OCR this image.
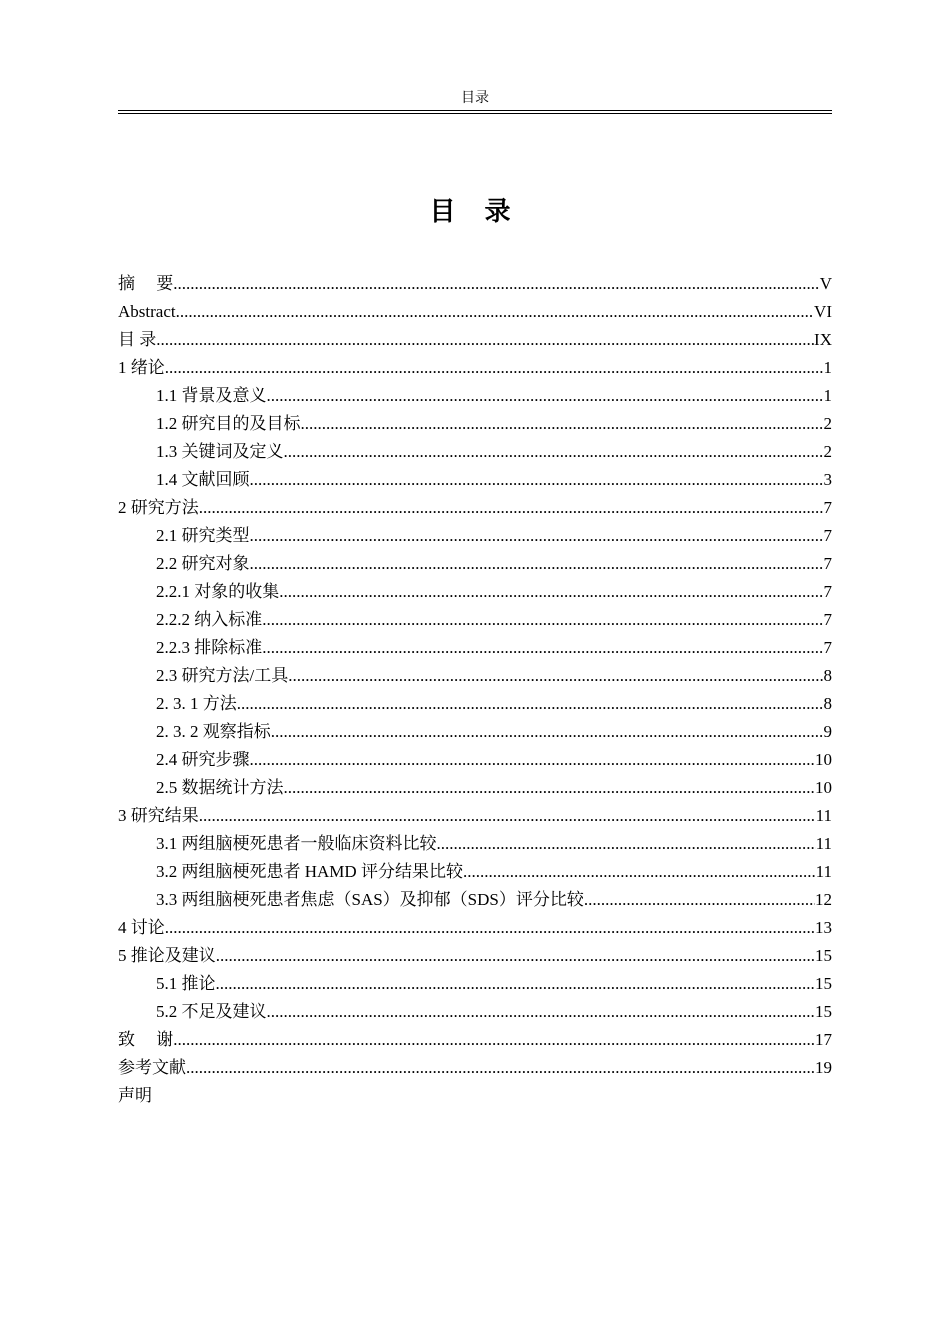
目录
目 录
摘　 要 .....	V
Abstract .....	VI
目 录 .....	IX
1 绪论 .....	1
1.1 背景及意义 .....	1
1.2 研究目的及目标 .....	2
1.3 关键词及定义 .....	2
1.4 文献回顾 .....	3
2 研究方法 .....	7
2.1 研究类型 .....	7
2.2 研究对象 .....	7
2.2.1 对象的收集 .....	7
2.2.2 纳入标准 .....	7
2.2.3 排除标准 .....	7
2.3 研究方法/工具 .....	8
2. 3. 1 方法 .....	8
2. 3. 2 观察指标 .....	9
2.4 研究步骤 .....	10
2.5 数据统计方法 .....	10
3 研究结果 .....	11
3.1 两组脑梗死患者一般临床资料比较 .....	11
3.2 两组脑梗死患者 HAMD 评分结果比较 .....	11
3.3 两组脑梗死患者焦虑（SAS）及抑郁（SDS）评分比较 .....	12
4 讨论 .....	13
5 推论及建议 .....	15
5.1 推论 .....	15
5.2 不足及建议 .....	15
致　 谢 .....	17
参考文献 .....	19
声明
